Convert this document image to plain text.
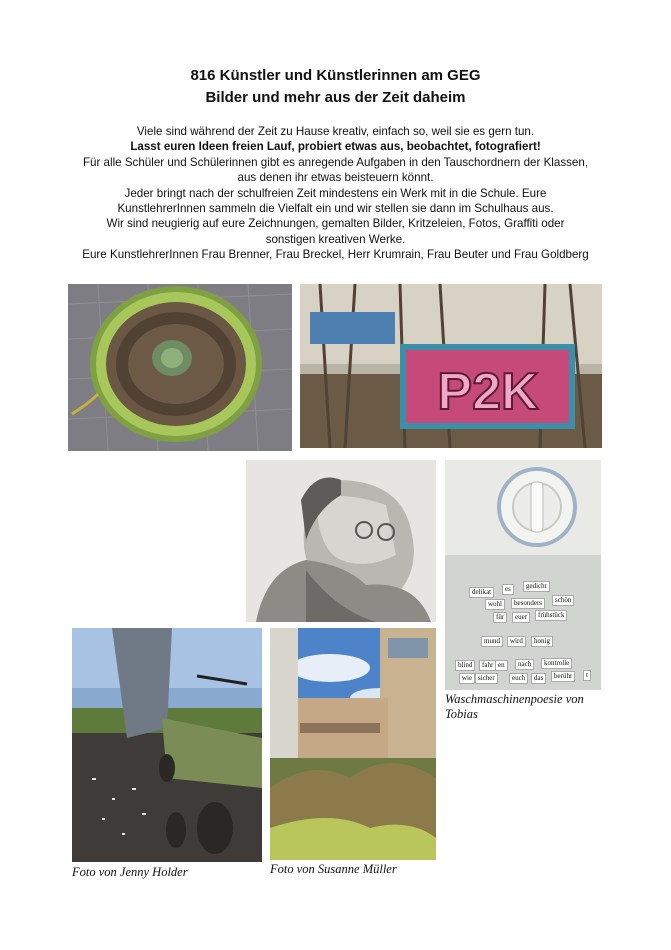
816 Künstler und Künstlerinnen am GEG
Bilder und mehr aus der Zeit daheim

Viele sind während der Zeit zu Hause kreativ, einfach so, weil sie es gern tun.

Lasst euren Ideen freien Lauf, probiert etwas aus, beobachtet, fotografiert!

Für alle Schüler und Schülerinnen gibt es anregende Aufgaben in den Tauschordnern der Klassen,

aus denen ihr etwas beisteuern könnt.

Jeder bringt nach der schulfreien Zeit mindestens ein Werk mit in die Schule. Eure

KunstlehrerInnen sammeln die Vielfalt ein und wir stellen sie dann im Schulhaus aus.

Wir sind neugierig auf eure Zeichnungen, gemalten Bilder, Kritzeleien, Fotos, Graffiti oder

sonstigen kreativen Werke.

Eure KunstlehrerInnen Frau Brenner, Frau Breckel, Herr Krumrain, Frau Beuter und Frau Goldberg

P2K
delikat	es	gedicht
wohl	besonders	schön
für	euer	frühstück
mund	wird	honig
blind	fahr en	nach	kontrolle
wie sicher	euch	das	berühr	t
Waschmaschinenpoesie von Tobias
Foto von Jenny Holder	Foto von Susanne Müller
